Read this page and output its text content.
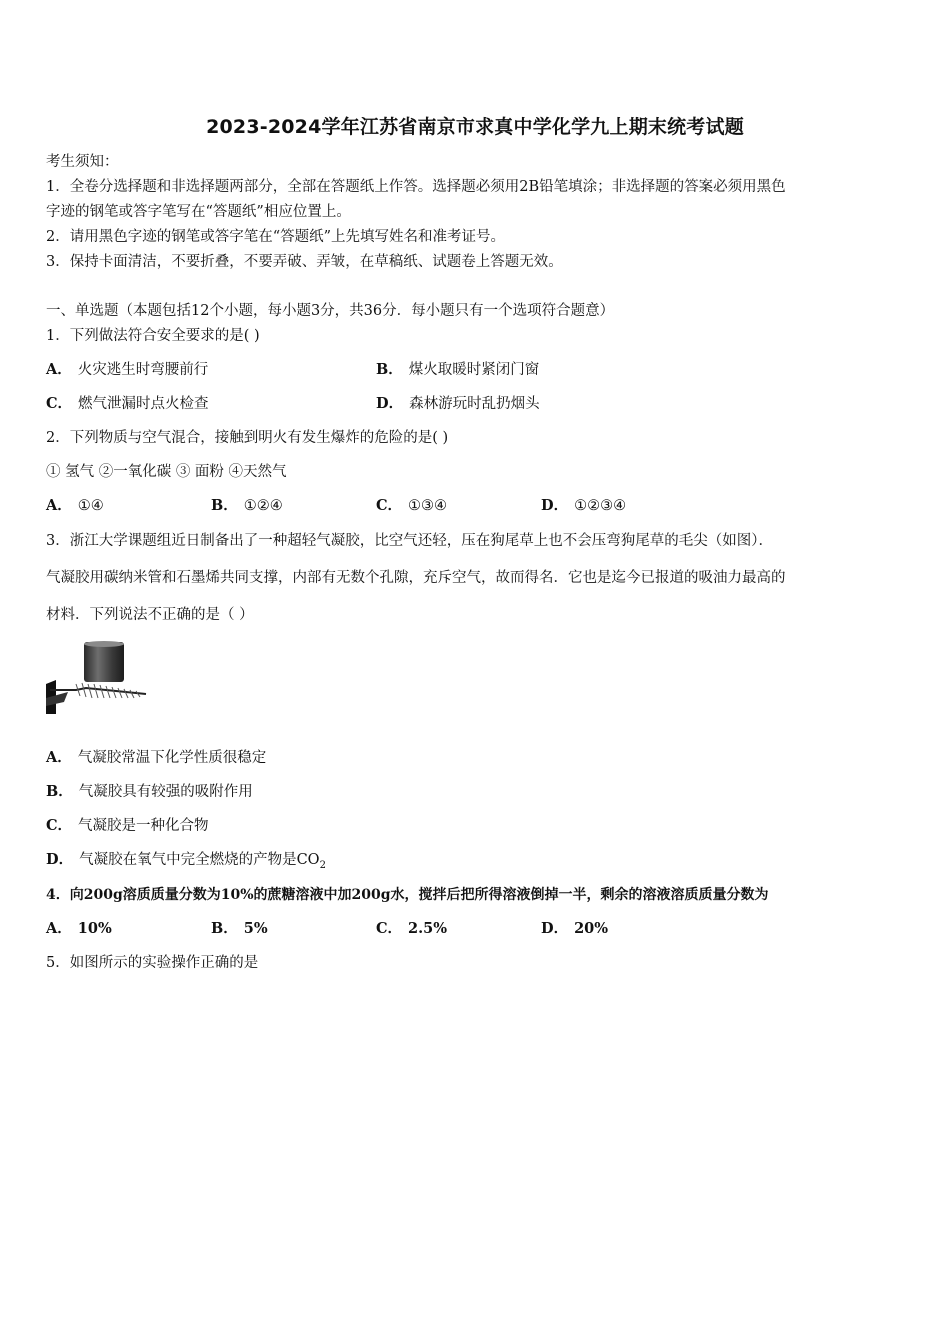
2023-2024学年江苏省南京市求真中学化学九上期末统考试题
考生须知：
1．全卷分选择题和非选择题两部分，全部在答题纸上作答。选择题必须用2B铅笔填涂；非选择题的答案必须用黑色
字迹的钢笔或答字笔写在“答题纸”相应位置上。
2．请用黑色字迹的钢笔或答字笔在“答题纸”上先填写姓名和准考证号。
3．保持卡面清洁，不要折叠，不要弄破、弄皱，在草稿纸、试题卷上答题无效。
一、单选题（本题包括12个小题，每小题3分，共36分．每小题只有一个选项符合题意）
1．下列做法符合安全要求的是( )
A． 火灾逃生时弯腰前行	B． 煤火取暖时紧闭门窗
C． 燃气泄漏时点火检查	D． 森林游玩时乱扔烟头
2．下列物质与空气混合，接触到明火有发生爆炸的危险的是( )
① 氢气 ②一氧化碳 ③ 面粉 ④天然气
A． ①④	B． ①②④	C． ①③④	D． ①②③④
3．浙江大学课题组近日制备出了一种超轻气凝胶，比空气还轻，压在狗尾草上也不会压弯狗尾草的毛尖（如图）．
气凝胶用碳纳米管和石墨烯共同支撑，内部有无数个孔隙，充斥空气，故而得名．它也是迄今已报道的吸油力最高的
材料．下列说法不正确的是（ ）
A． 气凝胶常温下化学性质很稳定
B． 气凝胶具有较强的吸附作用
C． 气凝胶是一种化合物
D． 气凝胶在氧气中完全燃烧的产物是$CO_2$
4．向200g溶质质量分数为10%的蔗糖溶液中加200g水，搅拌后把所得溶液倒掉一半，剩余的溶液溶质质量分数为
A． 10%	B． 5%	C． 2.5%	D． 20%
5．如图所示的实验操作正确的是
